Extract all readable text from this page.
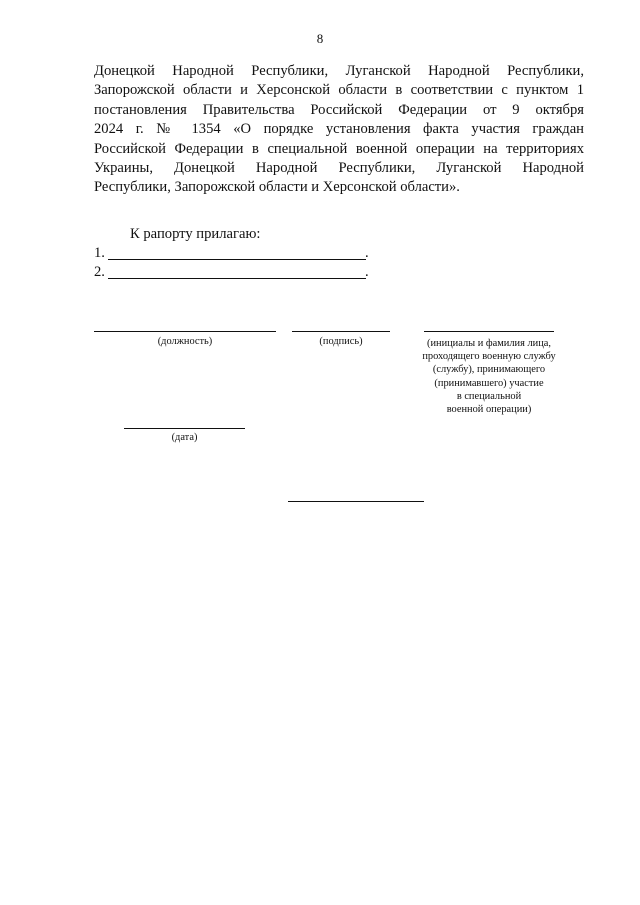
8
Донецкой Народной Республики, Луганской Народной Республики,
Запорожской области и Херсонской области в соответствии с пунктом 1
постановления Правительства Российской Федерации от 9 октября
2024 г. № 1354 «О порядке установления факта участия граждан
Российской Федерации в специальной военной операции на территориях
Украины, Донецкой Народной Республики, Луганской Народной
Республики, Запорожской области и Херсонской области».
К рапорту прилагаю:
1.	.
2.	.
(должность)	(подпись)	(инициалы и фамилия лица,
проходящего военную службу
(службу), принимающего
(принимавшего) участие
в специальной
военной операции)
(дата)
